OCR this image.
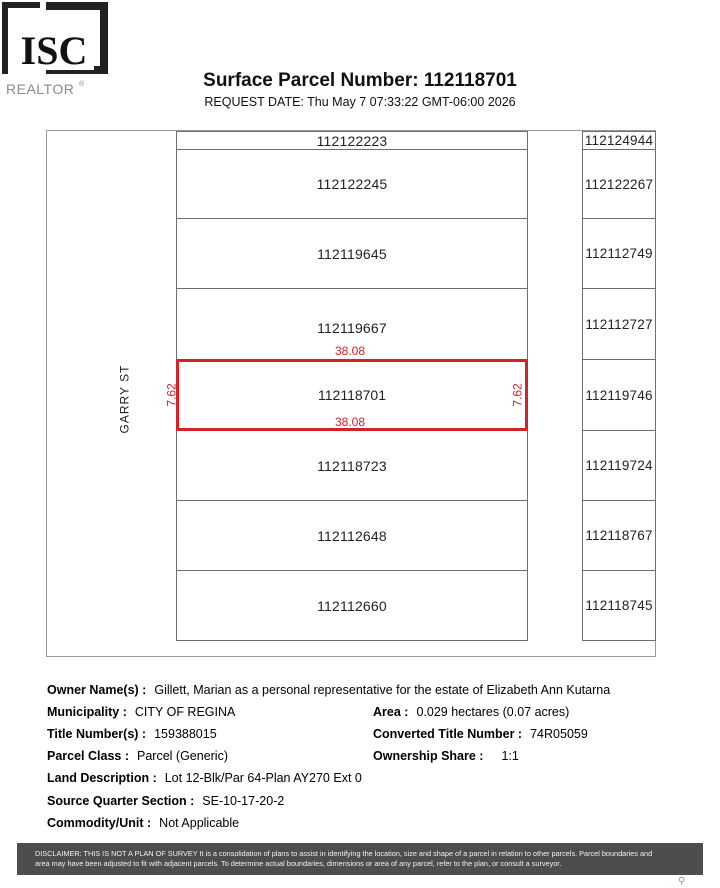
ISC
REALTOR ®	Surface Parcel Number: 112118701
REQUEST DATE: Thu May 7 07:33:22 GMT-06:00 2026
GARRY ST
112122223
112122245
112119645
112119667
112118723
112112648
112112660
112118701
38.08
38.08
7.62	7.62
112124944
112122267
112112749
112112727
112119746
112119724
112118767
112118745
Owner Name(s) : Gillett, Marian as a personal representative for the estate of Elizabeth Ann Kutarna
Municipality : CITY OF REGINA	Area : 0.029 hectares (0.07 acres)
Title Number(s) : 159388015	Converted Title Number : 74R05059
Parcel Class : Parcel (Generic)	Ownership Share : 1:1
Land Description : Lot 12-Blk/Par 64-Plan AY270 Ext 0
Source Quarter Section : SE-10-17-20-2
Commodity/Unit : Not Applicable
DISCLAIMER: THIS IS NOT A PLAN OF SURVEY It is a consolidation of plans to assist in identifying the location, size and shape of a parcel in relation to other parcels. Parcel boundaries and
area may have been adjusted to fit with adjacent parcels. To determine actual boundaries, dimensions or area of any parcel, refer to the plan, or consult a surveyor.
⚲
